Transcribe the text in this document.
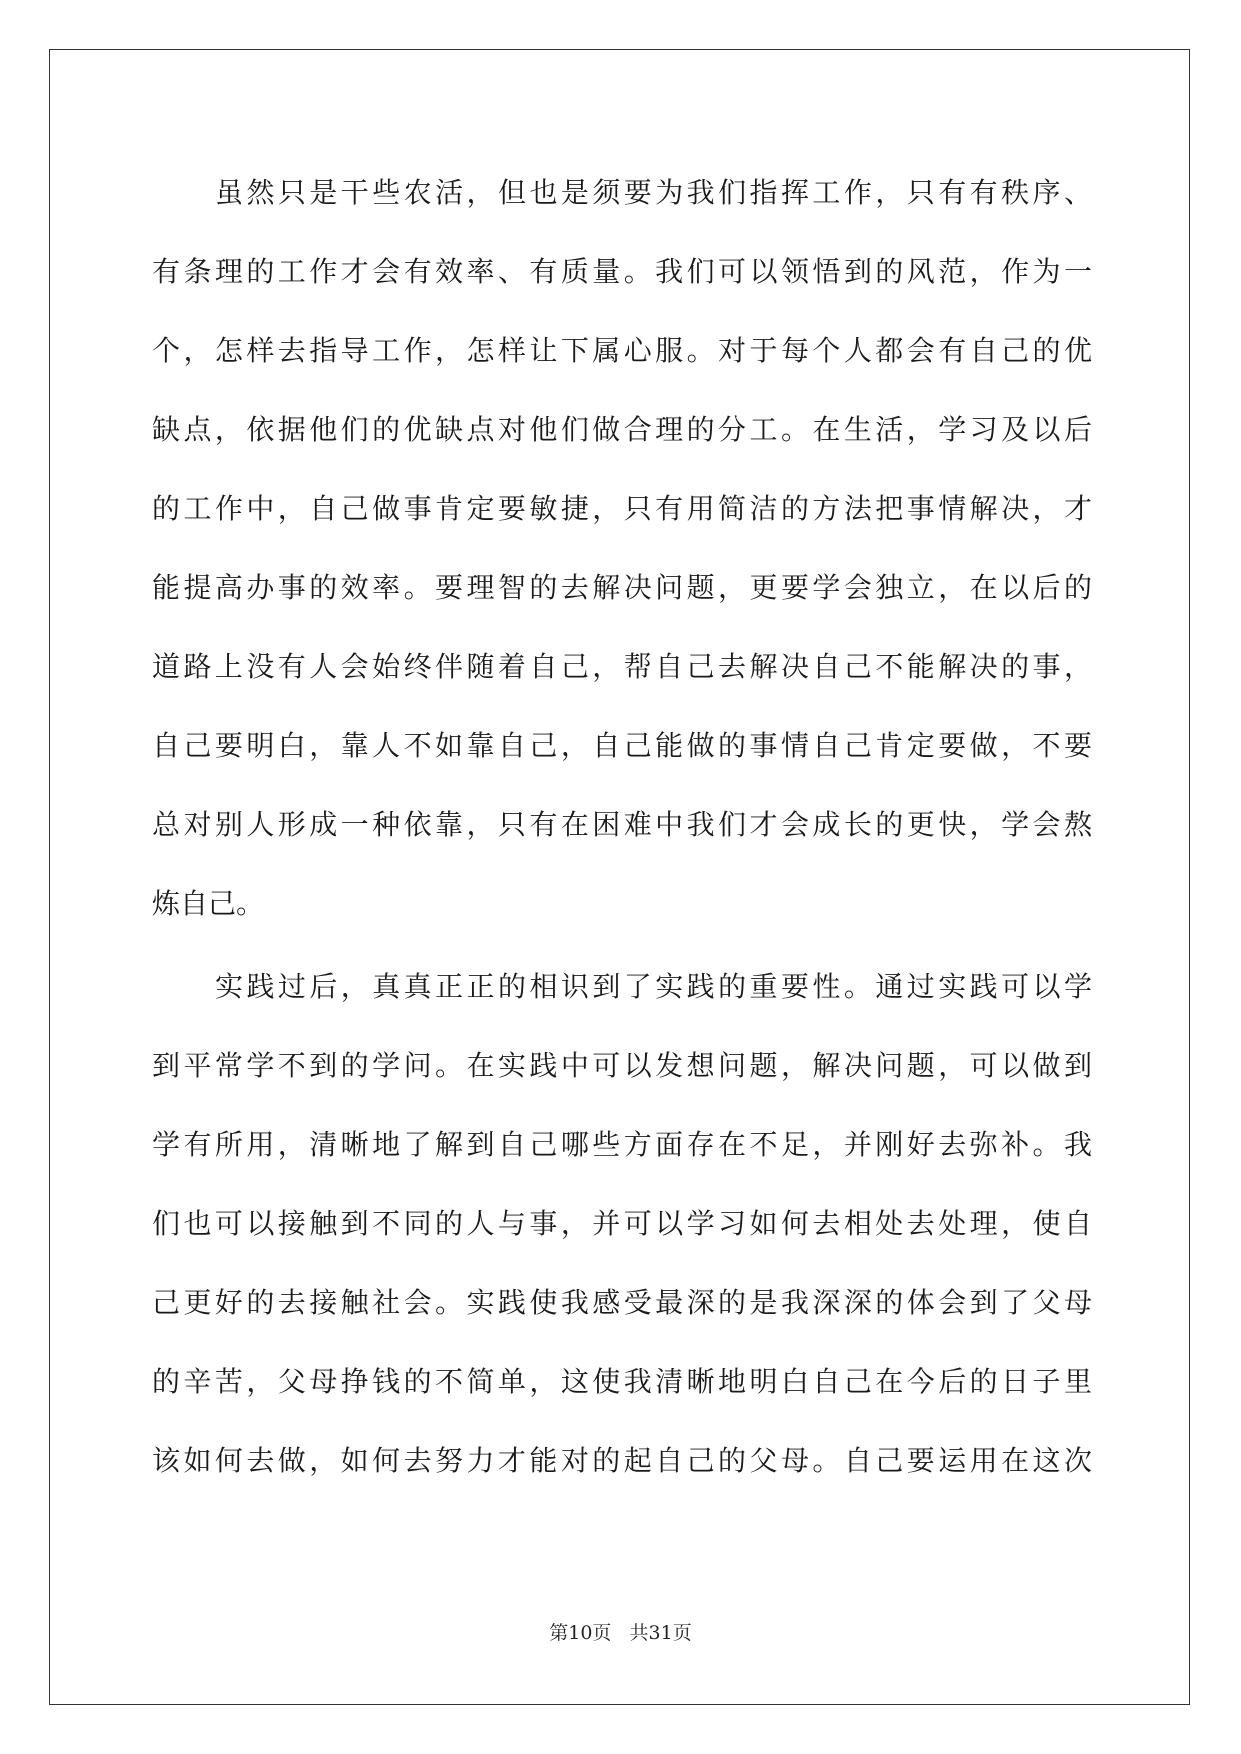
虽然只是干些农活，但也是须要为我们指挥工作，只有有秩序、
有条理的工作才会有效率、有质量。我们可以领悟到的风范，作为一
个，怎样去指导工作，怎样让下属心服。对于每个人都会有自己的优
缺点，依据他们的优缺点对他们做合理的分工。在生活，学习及以后
的工作中，自己做事肯定要敏捷，只有用简洁的方法把事情解决，才
能提高办事的效率。要理智的去解决问题，更要学会独立，在以后的
道路上没有人会始终伴随着自己，帮自己去解决自己不能解决的事，
自己要明白，靠人不如靠自己，自己能做的事情自己肯定要做，不要
总对别人形成一种依靠，只有在困难中我们才会成长的更快，学会熬
炼自己。
实践过后，真真正正的相识到了实践的重要性。通过实践可以学
到平常学不到的学问。在实践中可以发想问题，解决问题，可以做到
学有所用，清晰地了解到自己哪些方面存在不足，并刚好去弥补。我
们也可以接触到不同的人与事，并可以学习如何去相处去处理，使自
己更好的去接触社会。实践使我感受最深的是我深深的体会到了父母
的辛苦，父母挣钱的不简单，这使我清晰地明白自己在今后的日子里
该如何去做，如何去努力才能对的起自己的父母。自己要运用在这次
第10页   共31页
